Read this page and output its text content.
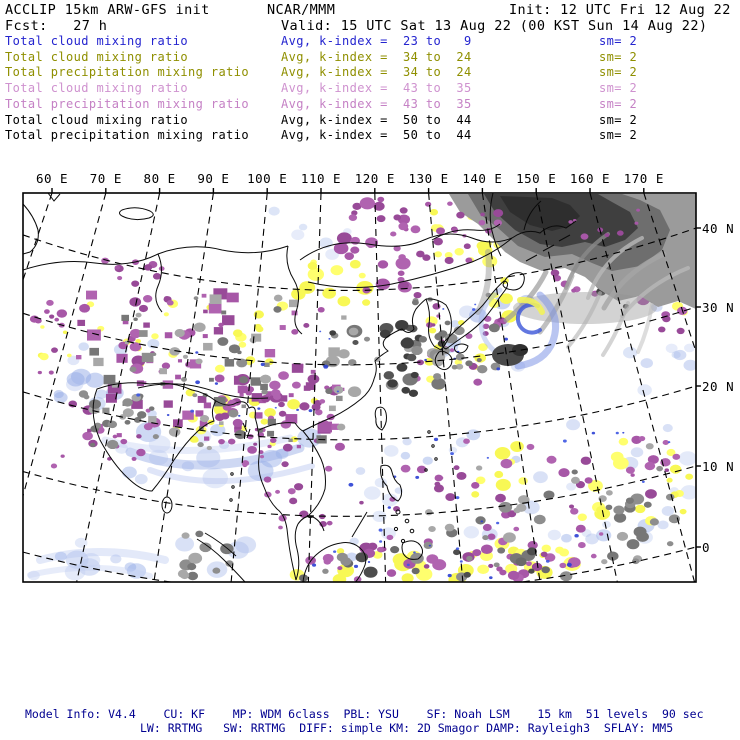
ACCLIP 15km ARW-GFS init	NCAR/MMM	Init: 12 UTC Fri 12 Aug 22
Fcst:   27 h	Valid: 15 UTC Sat 13 Aug 22 (00 KST Sun 14 Aug 22)
Total cloud mixing ratio	Avg, k-index =  23 to   9	sm= 2
Total cloud mixing ratio	Avg, k-index =  34 to  24	sm= 2
Total precipitation mixing ratio	Avg, k-index =  34 to  24	sm= 2
Total cloud mixing ratio	Avg, k-index =  43 to  35	sm= 2
Total precipitation mixing ratio	Avg, k-index =  43 to  35	sm= 2
Total cloud mixing ratio	Avg, k-index =  50 to  44	sm= 2
Total precipitation mixing ratio	Avg, k-index =  50 to  44	sm= 2
60 E 70 E 80 E 90 E 100 E 110 E 120 E 130 E 140 E 150 E 160 E 170 E
40 N
30 N
20 N
10 N
0
Model Info: V4.4    CU: KF    MP: WDM 6class  PBL: YSU    SF: Noah LSM    15 km  51 levels  90 sec
LW: RRTMG   SW: RRTMG  DIFF: simple KM: 2D Smagor DAMP: Rayleigh3  SFLAY: MM5
